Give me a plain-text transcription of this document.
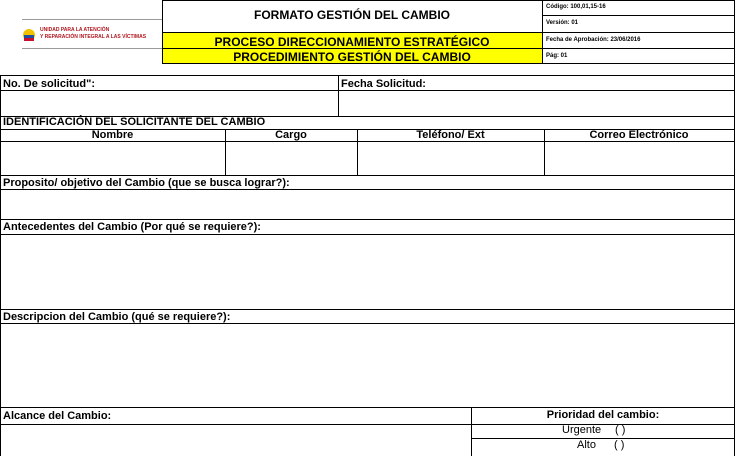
UNIDAD PARA LA ATENCIÓN
Y REPARACIÓN INTEGRAL A LAS VÍCTIMAS
FORMATO GESTIÓN DEL CAMBIO
PROCESO DIRECCIONAMIENTO ESTRATÉGICO
PROCEDIMIENTO GESTIÓN DEL CAMBIO
Código: 100,01,15-16
Versión: 01
Fecha de Aprobación: 23/06/2016
Pág: 01
No. De solicitud":	Fecha Solicitud:
IDENTIFICACIÓN DEL SOLICITANTE DEL CAMBIO
Nombre	Cargo	Teléfono/ Ext	Correo Electrónico
Proposito/ objetivo del Cambio (que se busca lograr?):
Antecedentes del Cambio (Por qué se requiere?):
Descripcion del Cambio (qué se requiere?):
Alcance del Cambio:	Prioridad del cambio:
Urgente ( )
Alto ( )
